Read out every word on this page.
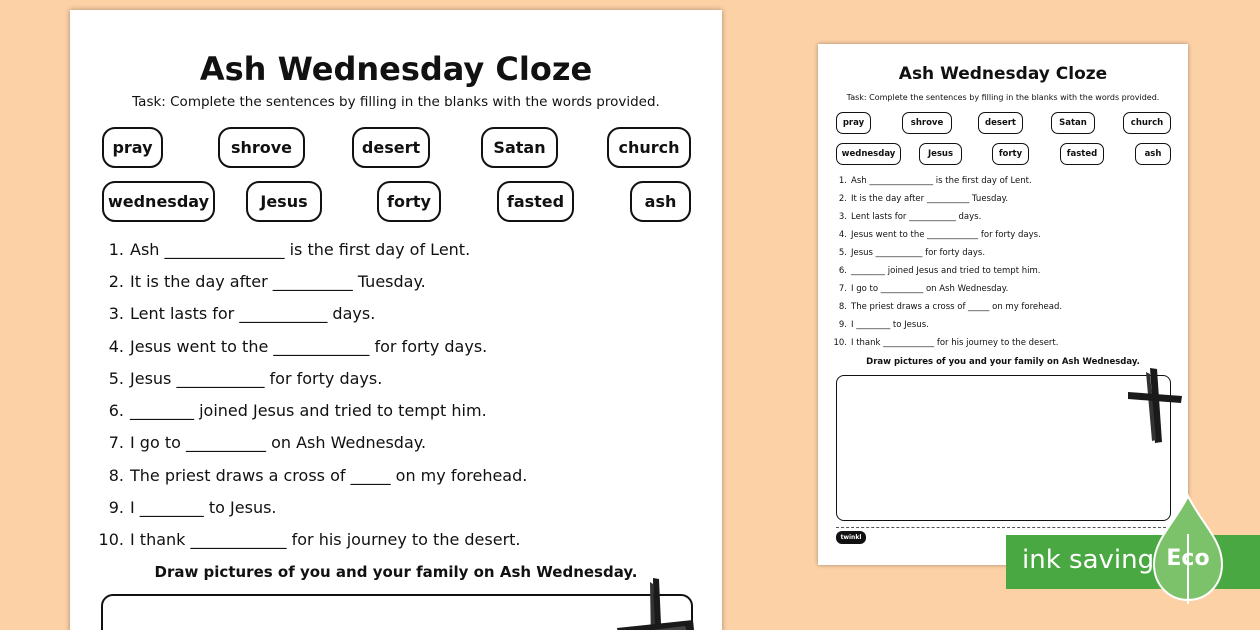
Ash Wednesday Cloze
Task: Complete the sentences by filling in the blanks with the words provided.
pray	shrove	desert	Satan	church
wednesday	Jesus	forty	fasted	ash
1. Ash _______________ is the first day of Lent.
2. It is the day after __________ Tuesday.
3. Lent lasts for ___________ days.
4. Jesus went to the ____________ for forty days.
5. Jesus ___________ for forty days.
6. ________ joined Jesus and tried to tempt him.
7. I go to __________ on Ash Wednesday.
8. The priest draws a cross of _____ on my forehead.
9. I ________ to Jesus.
10. I thank ____________ for his journey to the desert.
Draw pictures of you and your family on Ash Wednesday.
Ash Wednesday Cloze
Task: Complete the sentences by filling in the blanks with the words provided.
pray	shrove	desert	Satan	church
wednesday	Jesus	forty	fasted	ash
1. Ash _______________ is the first day of Lent.
2. It is the day after __________ Tuesday.
3. Lent lasts for ___________ days.
4. Jesus went to the ____________ for forty days.
5. Jesus ___________ for forty days.
6. ________ joined Jesus and tried to tempt him.
7. I go to __________ on Ash Wednesday.
8. The priest draws a cross of _____ on my forehead.
9. I ________ to Jesus.
10. I thank ____________ for his journey to the desert.
Draw pictures of you and your family on Ash Wednesday.
twinkl
ink saving Eco
